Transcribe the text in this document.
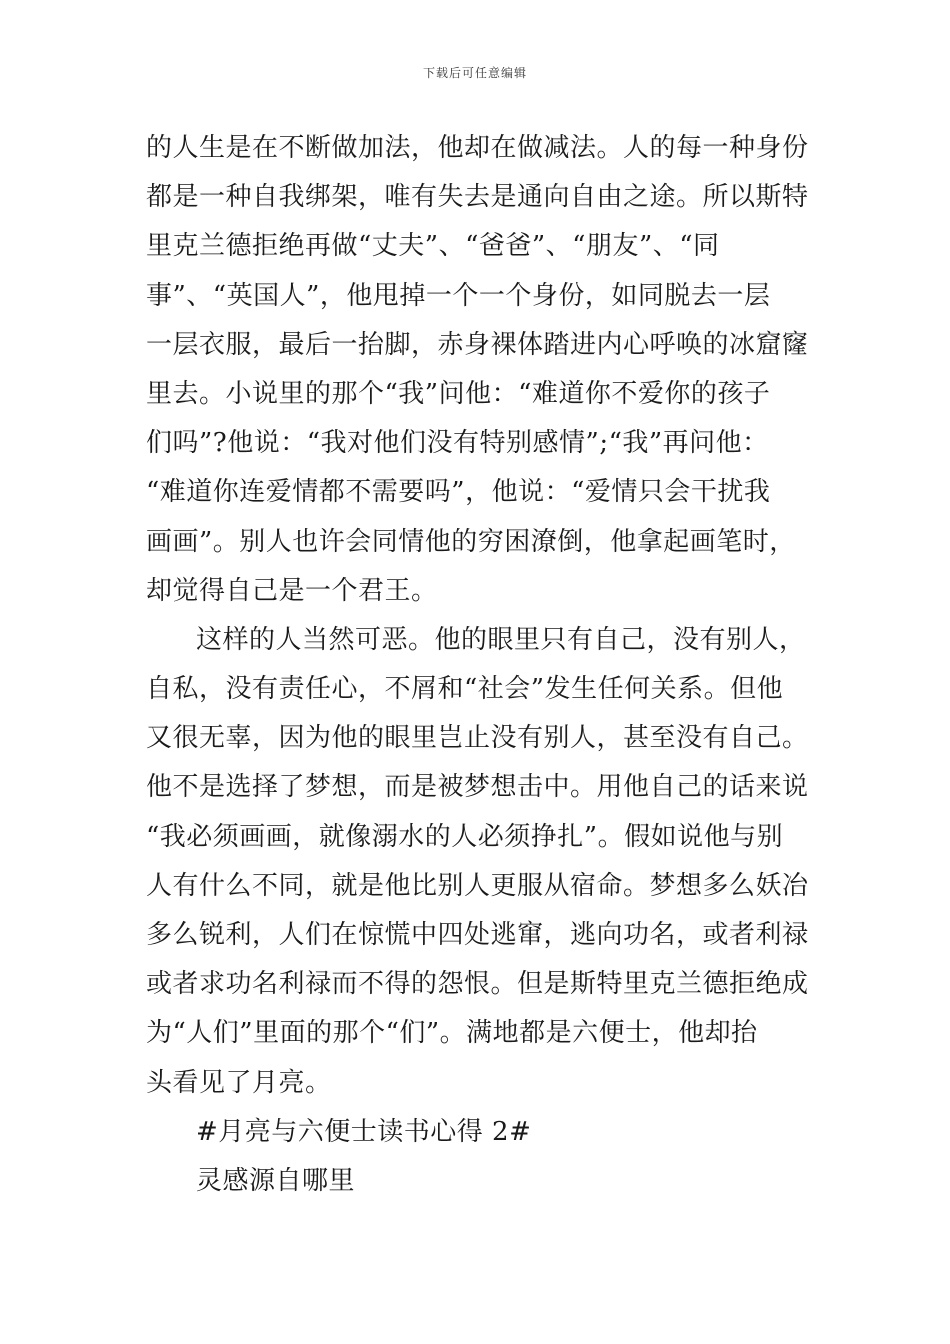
下载后可任意编辑
的人生是在不断做加法，他却在做减法。人的每一种身份
都是一种自我绑架，唯有失去是通向自由之途。所以斯特
里克兰德拒绝再做“丈夫”、“爸爸”、“朋友”、“同
事”、“英国人”，他甩掉一个一个身份，如同脱去一层
一层衣服，最后一抬脚，赤身裸体踏进内心呼唤的冰窟窿
里去。小说里的那个“我”问他：“难道你不爱你的孩子
们吗”?他说：“我对他们没有特别感情”;“我”再问他：
“难道你连爱情都不需要吗”，他说：“爱情只会干扰我
画画”。别人也许会同情他的穷困潦倒，他拿起画笔时，
却觉得自己是一个君王。
这样的人当然可恶。他的眼里只有自己，没有别人，
自私，没有责任心，不屑和“社会”发生任何关系。但他
又很无辜，因为他的眼里岂止没有别人，甚至没有自己。
他不是选择了梦想，而是被梦想击中。用他自己的话来说
“我必须画画，就像溺水的人必须挣扎”。假如说他与别
人有什么不同，就是他比别人更服从宿命。梦想多么妖冶
多么锐利，人们在惊慌中四处逃窜，逃向功名，或者利禄
或者求功名利禄而不得的怨恨。但是斯特里克兰德拒绝成
为“人们”里面的那个“们”。满地都是六便士，他却抬
头看见了月亮。
#月亮与六便士读书心得 2#
灵感源自哪里
